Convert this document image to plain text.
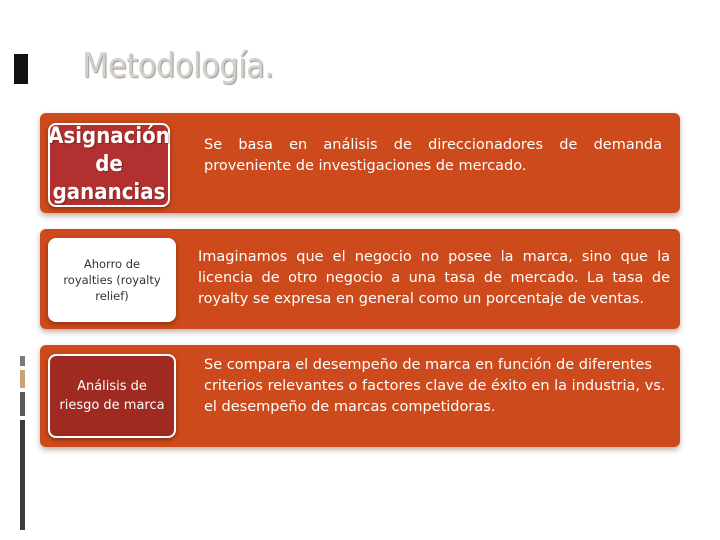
Metodología.
Asignación de ganancias
Se basa en análisis de direccionadores de demanda proveniente de investigaciones de mercado.
Ahorro de royalties (royalty relief)
Imaginamos que el negocio no posee la marca, sino que la licencia de otro negocio a una tasa de mercado. La tasa de royalty se expresa en general como un porcentaje de ventas.
Análisis de riesgo de marca
Se compara el desempeño de marca en función de diferentes criterios relevantes o factores clave de éxito en la industria, vs. el desempeño de marcas competidoras.
